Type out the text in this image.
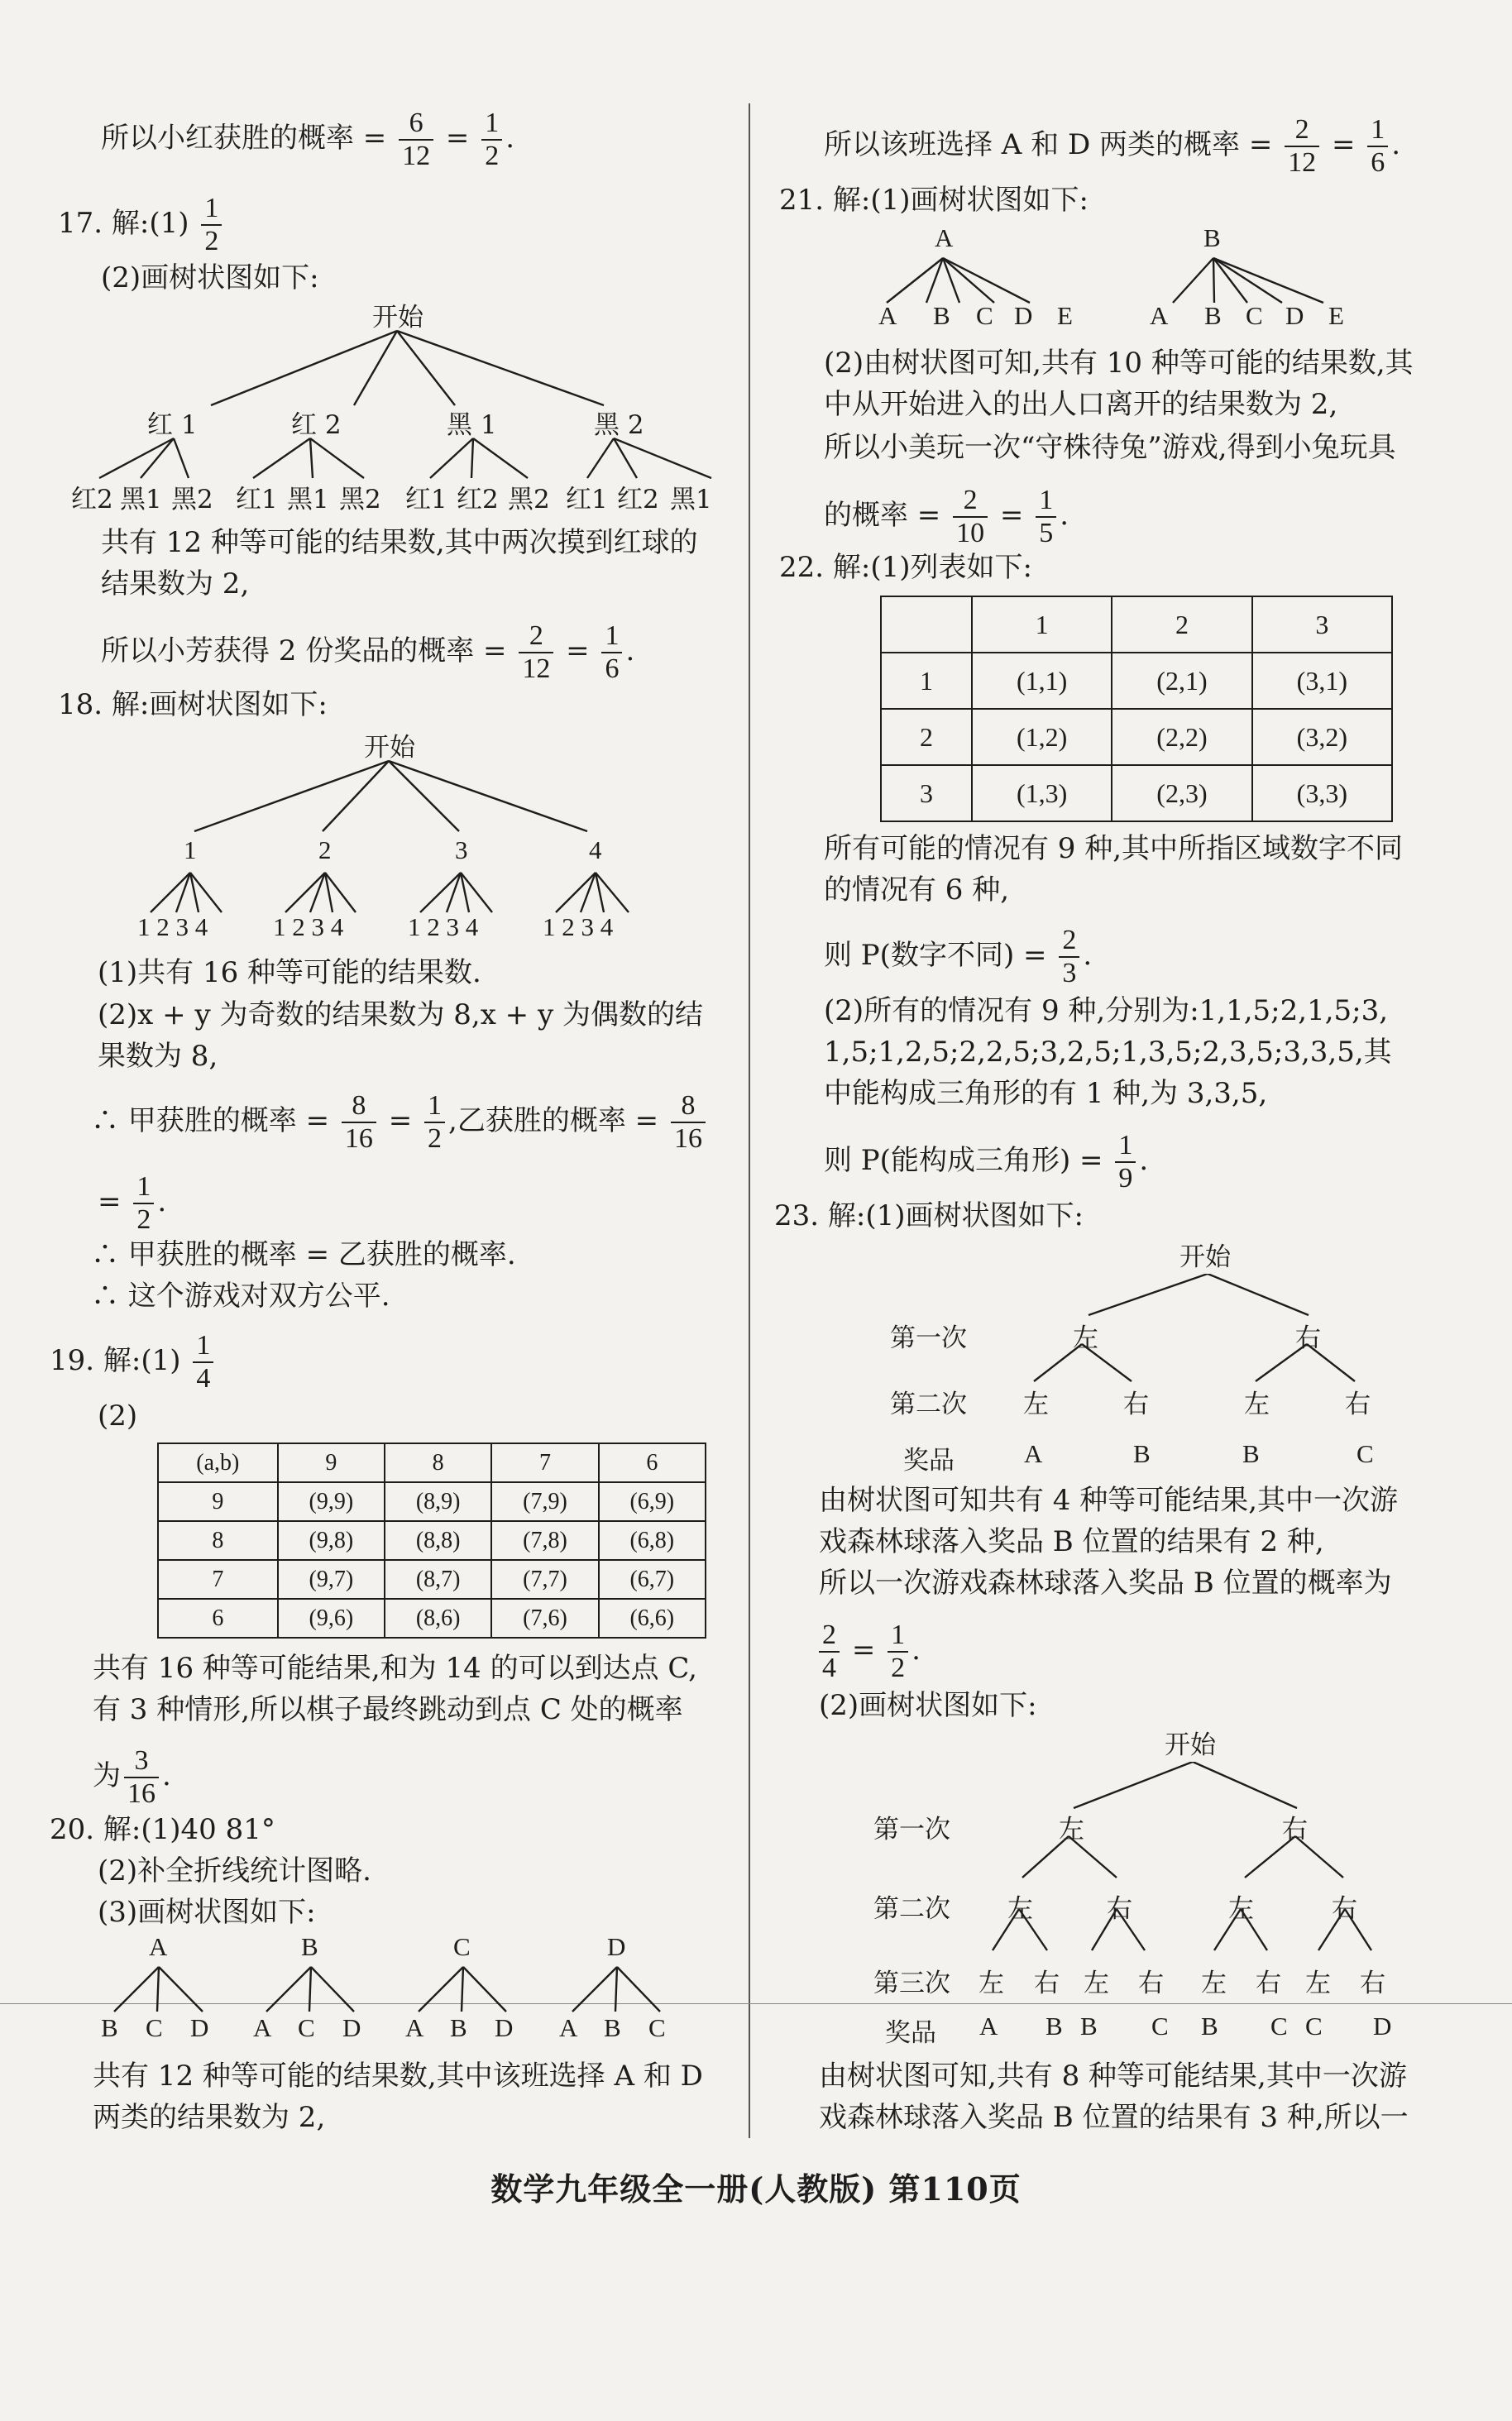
所以小红获胜的概率 = $\frac{6}{12} = \frac{1}{2}$ .
17. 解:(1) $\frac{1}{2}$
(2)画树状图如下:
开始
红 1	红 2	黑 1	黑 2
红2 黑1 黑2 红1 黑1 黑2 红1 红2 黑2 红1 红2 黑1
共有 12 种等可能的结果数,其中两次摸到红球的
结果数为 2,
所以小芳获得 2 份奖品的概率 = $\frac{2}{12} = \frac{1}{6}$ .
18. 解:画树状图如下:
开始
1	2	3	4
1 2 3 4	1 2 3 4	1 2 3 4	1 2 3 4
(1)共有 16 种等可能的结果数.
(2)x + y 为奇数的结果数为 8,x + y 为偶数的结
果数为 8,
∴ 甲获胜的概率 = $\frac{8}{16} = \frac{1}{2}$ ,乙获胜的概率 = $\frac{8}{16}$
= $\frac{1}{2}$ .
∴ 甲获胜的概率 = 乙获胜的概率.
∴ 这个游戏对双方公平.
19. 解:(1) $\frac{1}{4}$
(2)
(a,b)	9	8	7	6
9	(9,9)	(8,9)	(7,9)	(6,9)
8	(9,8)	(8,8)	(7,8)	(6,8)
7	(9,7)	(8,7)	(7,7)	(6,7)
6	(9,6)	(8,6)	(7,6)	(6,6)
共有 16 种等可能结果,和为 14 的可以到达点 C,
有 3 种情形,所以棋子最终跳动到点 C 处的概率
为 $\frac{3}{16}$ .
20. 解:(1)40 81°
(2)补全折线统计图略.
(3)画树状图如下:
A	B	C	D
B C D A C D A B D A B C
共有 12 种等可能的结果数,其中该班选择 A 和 D
两类的结果数为 2,
所以该班选择 A 和 D 两类的概率 = $\frac{2}{12} = \frac{1}{6}$ .
21. 解:(1)画树状图如下:
A	B
A B C D E	A B C D E
(2)由树状图可知,共有 10 种等可能的结果数,其
中从开始进入的出人口离开的结果数为 2,
所以小美玩一次“守株待兔”游戏,得到小兔玩具
的概率 = $\frac{2}{10} = \frac{1}{5}$ .
22. 解:(1)列表如下:
	1	2	3
1	(1,1)	(2,1)	(3,1)
2	(1,2)	(2,2)	(3,2)
3	(1,3)	(2,3)	(3,3)
所有可能的情况有 9 种,其中所指区域数字不同
的情况有 6 种,
则 P(数字不同) = $\frac{2}{3}$ .
(2)所有的情况有 9 种,分别为:1,1,5;2,1,5;3,
1,5;1,2,5;2,2,5;3,2,5;1,3,5;2,3,5;3,3,5,其
中能构成三角形的有 1 种,为 3,3,5,
则 P(能构成三角形) = $\frac{1}{9}$ .
23. 解:(1)画树状图如下:
开始
第一次
第二次
奖品
左	右
左	右	左	右
A	B	B	C
由树状图可知共有 4 种等可能结果,其中一次游
戏森林球落入奖品 B 位置的结果有 2 种,
所以一次游戏森林球落入奖品 B 位置的概率为
$\frac{2}{4} = \frac{1}{2}$ .
(2)画树状图如下:
开始
第一次
第二次
第三次
奖品
左	右
左	右	左	右
左 右 左 右 左 右 左 右
A B B C B C C D
由树状图可知,共有 8 种等可能结果,其中一次游
戏森林球落入奖品 B 位置的结果有 3 种,所以一
数学九年级全一册(人教版) 第110页
